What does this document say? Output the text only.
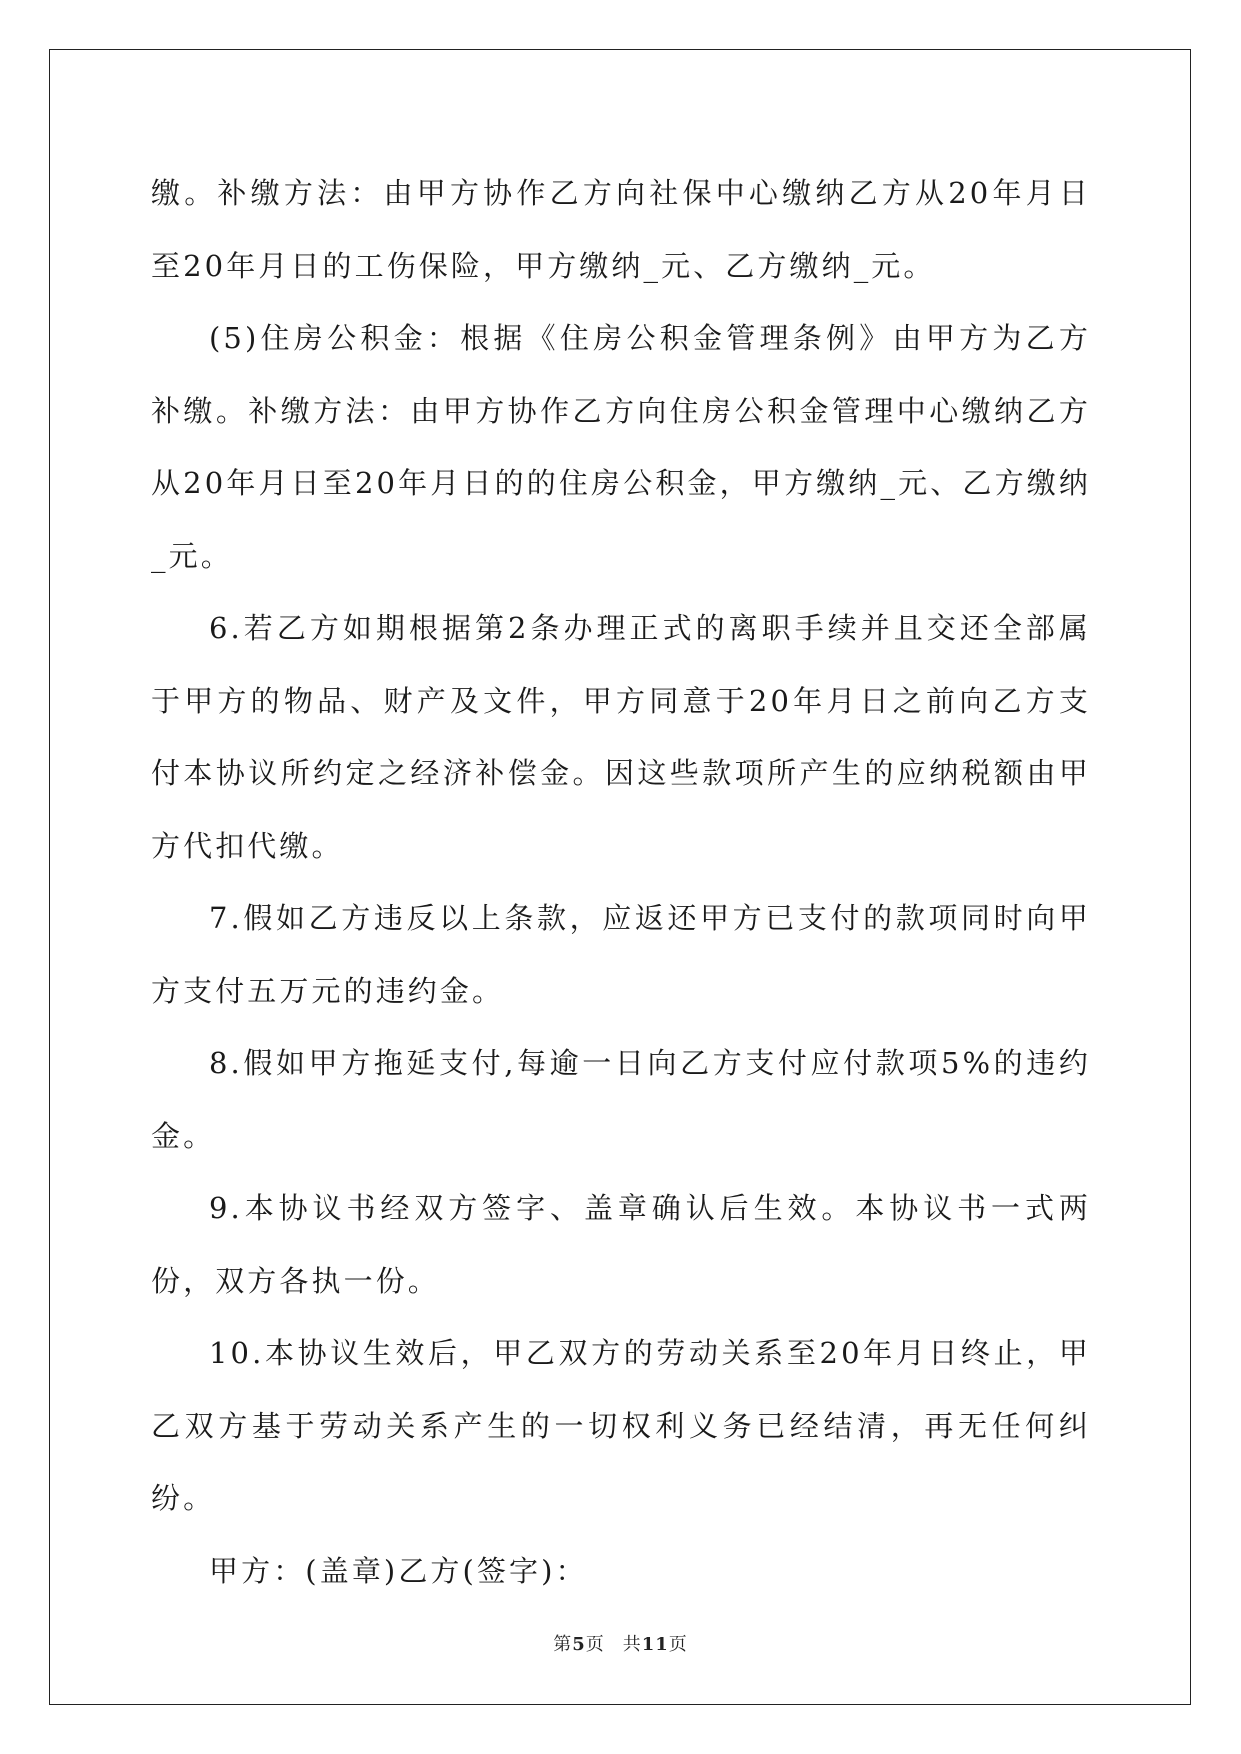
缴。补缴方法：由甲方协作乙方向社保中心缴纳乙方从20年月日至20年月日的工伤保险，甲方缴纳_元、乙方缴纳_元。

(5)住房公积金：根据《住房公积金管理条例》由甲方为乙方补缴。补缴方法：由甲方协作乙方向住房公积金管理中心缴纳乙方从20年月日至20年月日的的住房公积金，甲方缴纳_元、乙方缴纳_元。

6.若乙方如期根据第2条办理正式的离职手续并且交还全部属于甲方的物品、财产及文件，甲方同意于20年月日之前向乙方支付本协议所约定之经济补偿金。因这些款项所产生的应纳税额由甲方代扣代缴。

7.假如乙方违反以上条款，应返还甲方已支付的款项同时向甲方支付五万元的违约金。

8.假如甲方拖延支付,每逾一日向乙方支付应付款项5%的违约金。

9.本协议书经双方签字、盖章确认后生效。本协议书一式两份，双方各执一份。

10.本协议生效后，甲乙双方的劳动关系至20年月日终止，甲乙双方基于劳动关系产生的一切权利义务已经结清，再无任何纠纷。

甲方：(盖章)乙方(签字)：

第5页 共11页
